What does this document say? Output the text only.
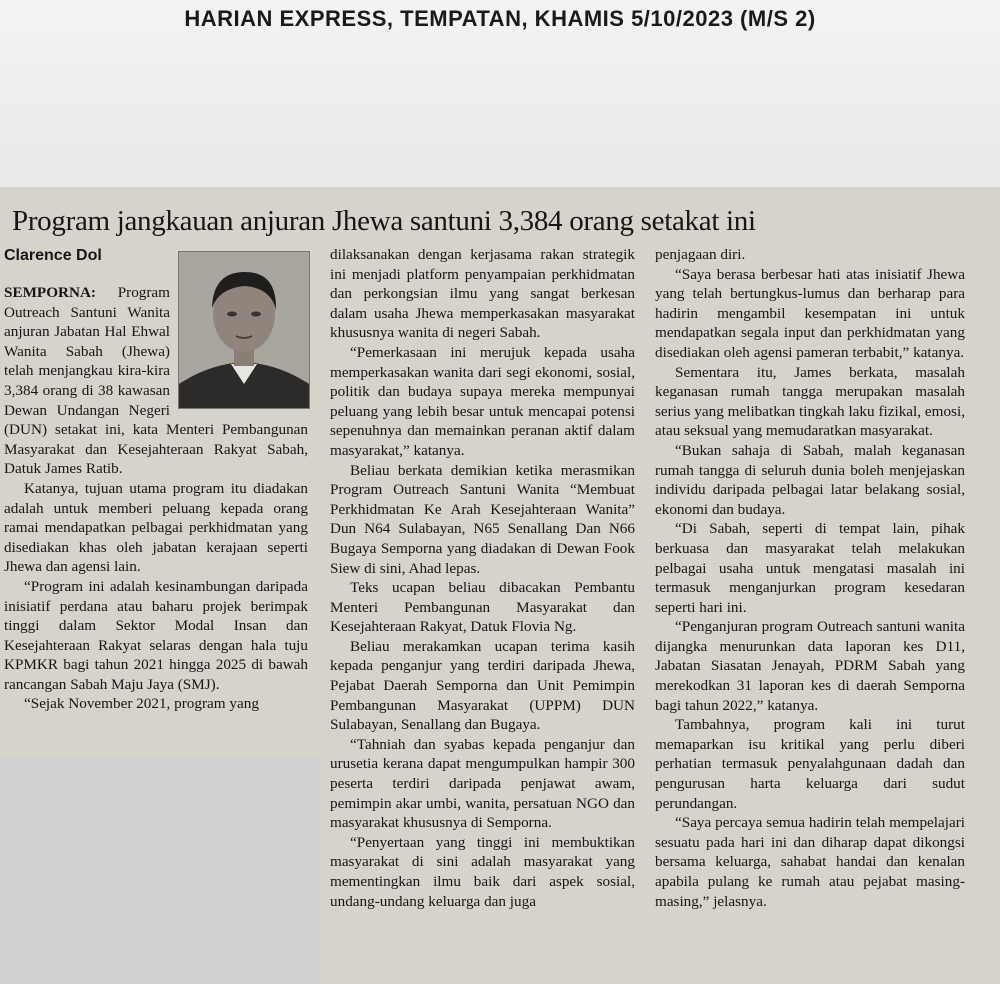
HARIAN EXPRESS, TEMPATAN, KHAMIS 5/10/2023 (M/S 2)
Program jangkauan anjuran Jhewa santuni 3,384 orang setakat ini
Clarence Dol

SEMPORNA: Program Outreach Santuni Wanita anjuran Jabatan Hal Ehwal Wanita Sabah (Jhewa) telah menjangkau kira-kira 3,384 orang di 38 kawasan Dewan Undangan Negeri (DUN) setakat ini, kata Menteri Pembangunan Masyarakat dan Kesejahteraan Rakyat Sabah, Datuk James Ratib.

Katanya, tujuan utama program itu diadakan adalah untuk memberi peluang kepada orang ramai mendapatkan pelbagai perkhidmatan yang disediakan khas oleh jabatan kerajaan seperti Jhewa dan agensi lain.

“Program ini adalah kesinambungan daripada inisiatif perdana atau baharu projek berimpak tinggi dalam Sektor Modal Insan dan Kesejahteraan Rakyat selaras dengan hala tuju KPMKR bagi tahun 2021 hingga 2025 di bawah rancangan Sabah Maju Jaya (SMJ).

“Sejak November 2021, program yang

dilaksanakan dengan kerjasama rakan strategik ini menjadi platform penyampaian perkhidmatan dan perkongsian ilmu yang sangat berkesan dalam usaha Jhewa memperkasakan masyarakat khususnya wanita di negeri Sabah.

“Pemerkasaan ini merujuk kepada usaha memperkasakan wanita dari segi ekonomi, sosial, politik dan budaya supaya mereka mempunyai peluang yang lebih besar untuk mencapai potensi sepenuhnya dan memainkan peranan aktif dalam masyarakat,” katanya.

Beliau berkata demikian ketika merasmikan Program Outreach Santuni Wanita “Membuat Perkhidmatan Ke Arah Kesejahteraan Wanita” Dun N64 Sulabayan, N65 Senallang Dan N66 Bugaya Semporna yang diadakan di Dewan Fook Siew di sini, Ahad lepas.

Teks ucapan beliau dibacakan Pembantu Menteri Pembangunan Masyarakat dan Kesejahteraan Rakyat, Datuk Flovia Ng.

Beliau merakamkan ucapan terima kasih kepada penganjur yang terdiri daripada Jhewa, Pejabat Daerah Semporna dan Unit Pemimpin Pembangunan Masyarakat (UPPM) DUN Sulabayan, Senallang dan Bugaya.

“Tahniah dan syabas kepada penganjur dan urusetia kerana dapat mengumpulkan hampir 300 peserta terdiri daripada penjawat awam, pemimpin akar umbi, wanita, persatuan NGO dan masyarakat khususnya di Semporna.

“Penyertaan yang tinggi ini membuktikan masyarakat di sini adalah masyarakat yang mementingkan ilmu baik dari aspek sosial, undang-undang keluarga dan juga

penjagaan diri.

“Saya berasa berbesar hati atas inisiatif Jhewa yang telah bertungkus-lumus dan berharap para hadirin mengambil kesempatan ini untuk mendapatkan segala input dan perkhidmatan yang disediakan oleh agensi pameran terbabit,” katanya.

Sementara itu, James berkata, masalah keganasan rumah tangga merupakan masalah serius yang melibatkan tingkah laku fizikal, emosi, atau seksual yang memudaratkan masyarakat.

“Bukan sahaja di Sabah, malah keganasan rumah tangga di seluruh dunia boleh menjejaskan individu daripada pelbagai latar belakang sosial, ekonomi dan budaya.

“Di Sabah, seperti di tempat lain, pihak berkuasa dan masyarakat telah melakukan pelbagai usaha untuk mengatasi masalah ini termasuk menganjurkan program kesedaran seperti hari ini.

“Penganjuran program Outreach santuni wanita dijangka menurunkan data laporan kes D11, Jabatan Siasatan Jenayah, PDRM Sabah yang merekodkan 31 laporan kes di daerah Semporna bagi tahun 2022,” katanya.

Tambahnya, program kali ini turut memaparkan isu kritikal yang perlu diberi perhatian termasuk penyalahgunaan dadah dan pengurusan harta keluarga dari sudut perundangan.

“Saya percaya semua hadirin telah mempelajari sesuatu pada hari ini dan diharap dapat dikongsi bersama keluarga, sahabat handai dan kenalan apabila pulang ke rumah atau pejabat masing-masing,” jelasnya.
